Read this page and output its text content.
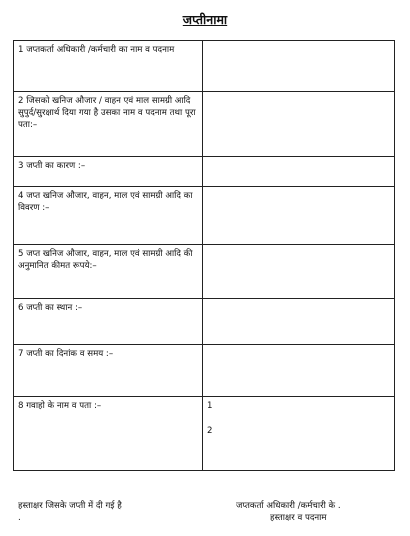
जप्तीनामा
1 जप्तकर्ता अधिकारी /कर्मचारी का नाम व पदनाम	
2 जिसको खनिज औजार / वाहन एवं माल सामग्री आदि सुपुर्द/सुरक्षार्थ दिया गया है उसका नाम व पदनाम तथा पूरा पता:–	
3 जप्ती का कारण :–	
4 जप्त खनिज औजार, वाहन, माल एवं सामग्री आदि का विवरण :–	
5 जप्त खनिज औजार, वाहन, माल एवं सामग्री आदि की अनुमानित कीमत रूपये:–	
6 जप्ती का स्थान :–	
7 जप्ती का दिनांक व समय :–	
8 गवाहो के नाम व पता :–	1
2
हस्ताक्षर जिसके जप्ती में दी गई है
.
जप्तकर्ता अधिकारी /कर्मचारी के .
हस्ताक्षर व पदनाम
